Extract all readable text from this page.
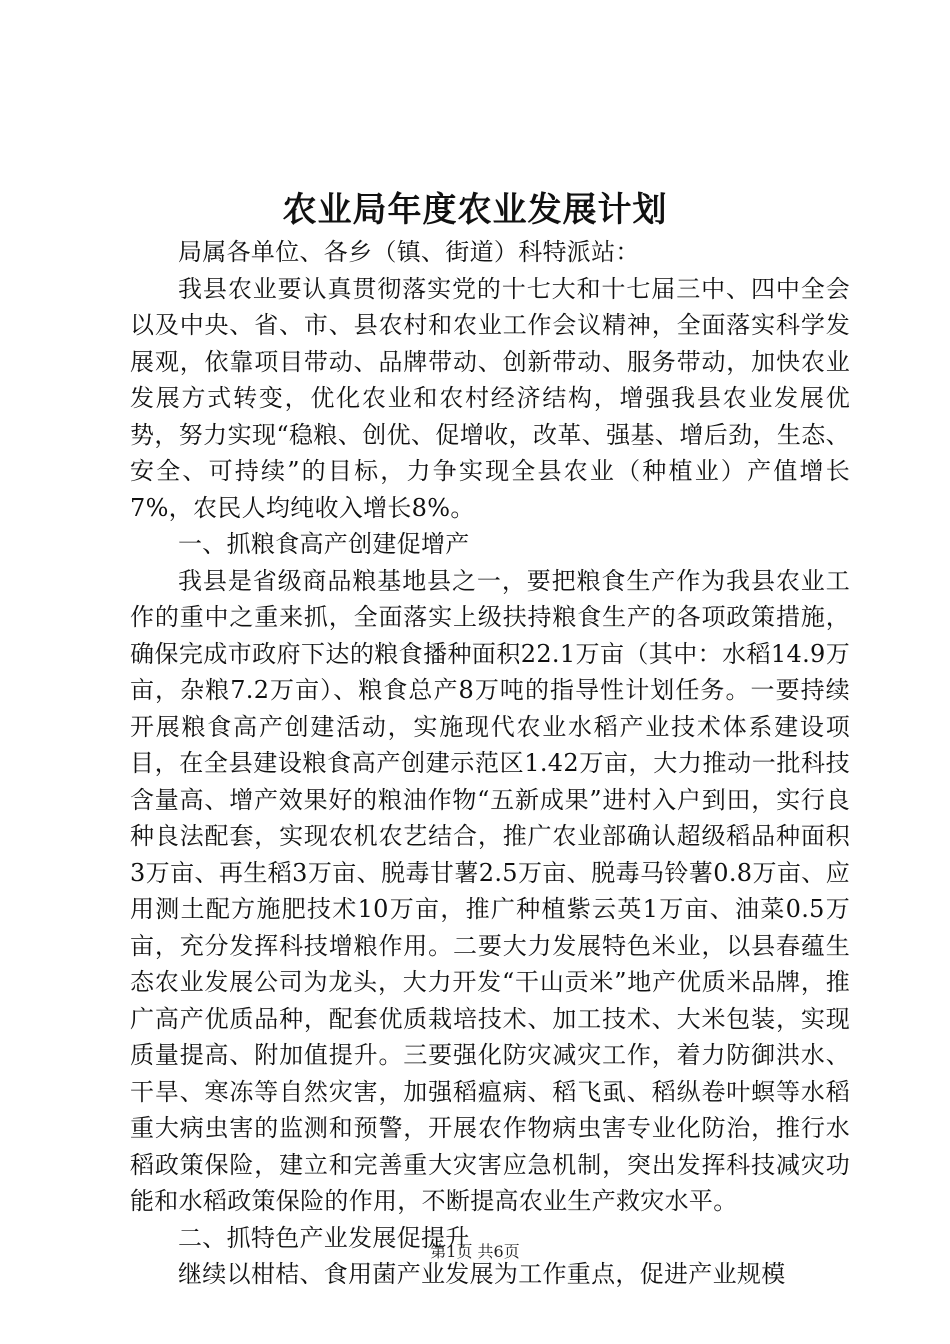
农业局年度农业发展计划

局属各单位、各乡（镇、街道）科特派站：

我县农业要认真贯彻落实党的十七大和十七届三中、四中全会以及中央、省、市、县农村和农业工作会议精神，全面落实科学发展观，依靠项目带动、品牌带动、创新带动、服务带动，加快农业发展方式转变，优化农业和农村经济结构，增强我县农业发展优势，努力实现“稳粮、创优、促增收，改革、强基、增后劲，生态、安全、可持续”的目标，力争实现全县农业（种植业）产值增长7%，农民人均纯收入增长8%。

一、抓粮食高产创建促增产

我县是省级商品粮基地县之一，要把粮食生产作为我县农业工作的重中之重来抓，全面落实上级扶持粮食生产的各项政策措施，确保完成市政府下达的粮食播种面积22.1万亩（其中：水稻14.9万亩，杂粮7.2万亩）、粮食总产8万吨的指导性计划任务。一要持续开展粮食高产创建活动，实施现代农业水稻产业技术体系建设项目，在全县建设粮食高产创建示范区1.42万亩，大力推动一批科技含量高、增产效果好的粮油作物“五新成果”进村入户到田，实行良种良法配套，实现农机农艺结合，推广农业部确认超级稻品种面积3万亩、再生稻3万亩、脱毒甘薯2.5万亩、脱毒马铃薯0.8万亩、应用测土配方施肥技术10万亩，推广种植紫云英1万亩、油菜0.5万亩，充分发挥科技增粮作用。二要大力发展特色米业，以县春蕴生态农业发展公司为龙头，大力开发“干山贡米”地产优质米品牌，推广高产优质品种，配套优质栽培技术、加工技术、大米包装，实现质量提高、附加值提升。三要强化防灾减灾工作，着力防御洪水、干旱、寒冻等自然灾害，加强稻瘟病、稻飞虱、稻纵卷叶螟等水稻重大病虫害的监测和预警，开展农作物病虫害专业化防治，推行水稻政策保险，建立和完善重大灾害应急机制，突出发挥科技减灾功能和水稻政策保险的作用，不断提高农业生产救灾水平。

二、抓特色产业发展促提升

继续以柑桔、食用菌产业发展为工作重点，促进产业规模

第1页 共6页
